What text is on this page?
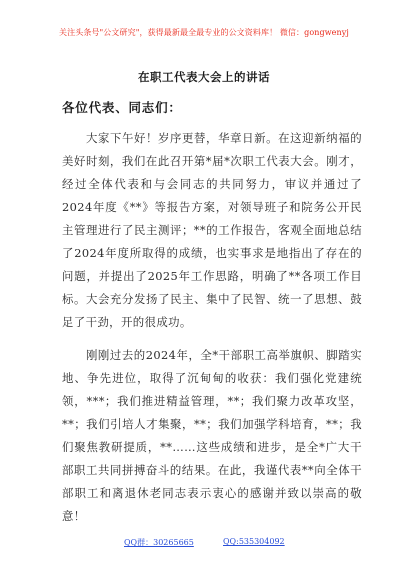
关注头条号"公文研究"，获得最新最全最专业的公文资料库！ 微信：gongwenyj
在职工代表大会上的讲话
各位代表、同志们：

大家下午好！岁序更替，华章日新。在这迎新纳福的美好时刻，我们在此召开第*届*次职工代表大会。刚才，经过全体代表和与会同志的共同努力，审议并通过了2024年度《**》等报告方案，对领导班子和院务公开民主管理进行了民主测评；**的工作报告，客观全面地总结了2024年度所取得的成绩，也实事求是地指出了存在的问题，并提出了2025年工作思路，明确了**各项工作目标。大会充分发扬了民主、集中了民智、统一了思想、鼓足了干劲，开的很成功。

刚刚过去的2024年，全*干部职工高举旗帜、脚踏实地、争先进位，取得了沉甸甸的收获：我们强化党建统领，***；我们推进精益管理，**；我们聚力改革攻坚，**；我们引培人才集聚，**；我们加强学科培育，**；我们聚焦教研提质，**……这些成绩和进步，是全*广大干部职工共同拼搏奋斗的结果。在此，我谨代表**向全体干部职工和离退休老同志表示衷心的感谢并致以崇高的敬意！

QQ群：30265665	QQ:535304092
